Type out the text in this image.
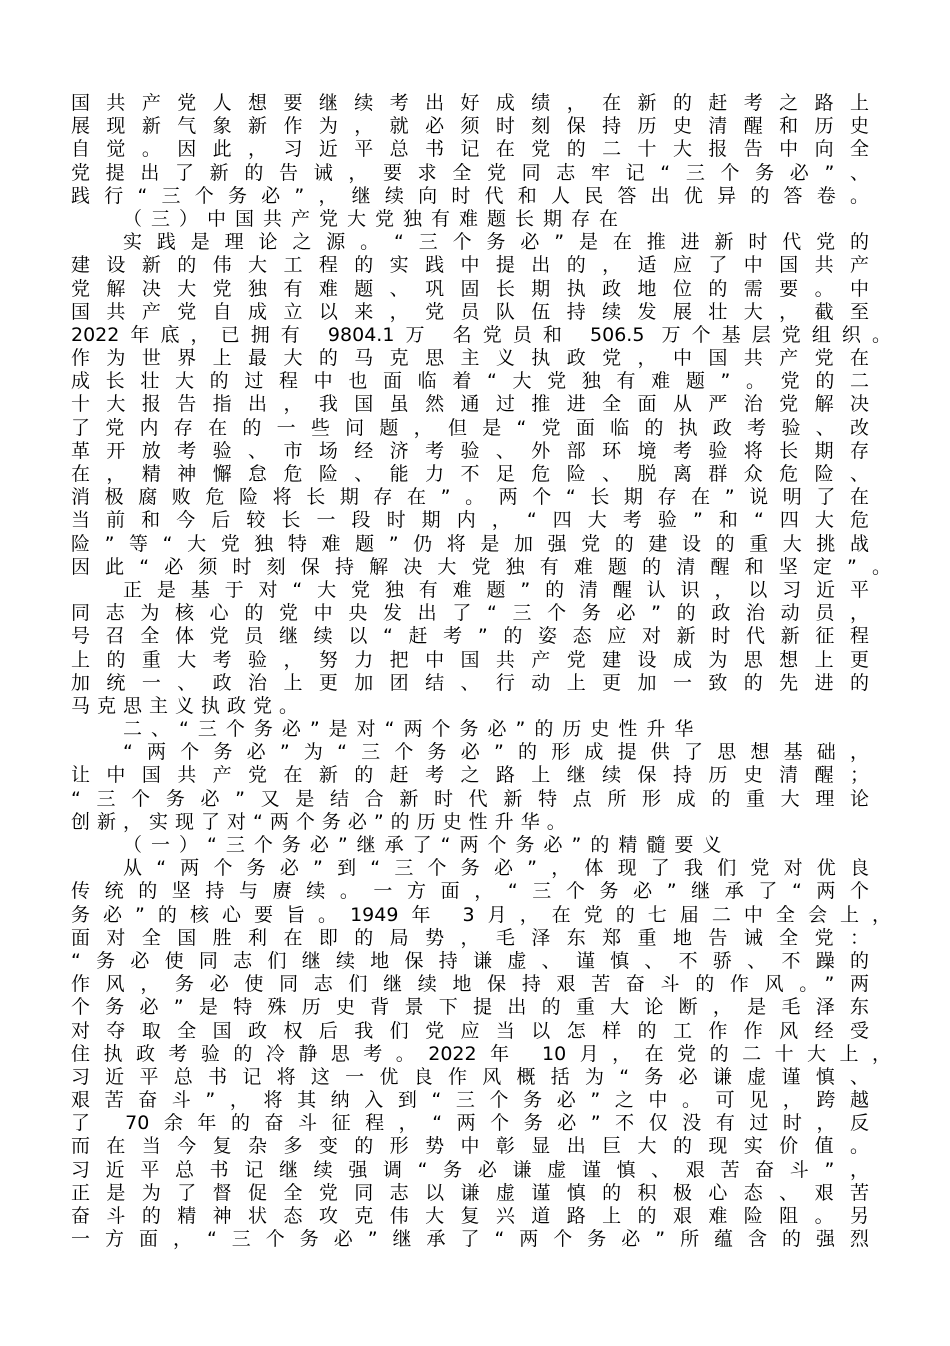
国共产党人想要继续考出好成绩，在新的赶考之路上
展现新气象新作为，就必须时刻保持历史清醒和历史
自觉。因此，习近平总书记在党的二十大报告中向全
党提出了新的告诫，要求全党同志牢记“三个务必”、
践行“三个务必”，继续向时代和人民答出优异的答卷。
（三）中国共产党大党独有难题长期存在
实践是理论之源。“三个务必”是在推进新时代党的
建设新的伟大工程的实践中提出的，适应了中国共产
党解决大党独有难题、巩固长期执政地位的需要。中
国共产党自成立以来，党员队伍持续发展壮大，截至
2022年底，已拥有 9804.1万 名党员和 506.5 万个基层党组织。
作为世界上最大的马克思主义执政党，中国共产党在
成长壮大的过程中也面临着“大党独有难题”。党的二
十大报告指出，我国虽然通过推进全面从严治党解决
了党内存在的一些问题，但是“党面临的执政考验、改
革开放考验、市场经济考验、外部环境考验将长期存
在，精神懈怠危险、能力不足危险、脱离群众危险、
消极腐败危险将长期存在”。两个“长期存在”说明了在
当前和今后较长一段时期内，“四大考验”和“四大危
险”等“大党独特难题”仍将是加强党的建设的重大挑战
因此“必须时刻保持解决大党独有难题的清醒和坚定”。
正是基于对“大党独有难题”的清醒认识，以习近平
同志为核心的党中央发出了“三个务必”的政治动员，
号召全体党员继续以“赶考”的姿态应对新时代新征程
上的重大考验，努力把中国共产党建设成为思想上更
加统一、政治上更加团结、行动上更加一致的先进的
马克思主义执政党。
二、“三个务必”是对“两个务必”的历史性升华
“两个务必”为“三个务必”的形成提供了思想基础，
让中国共产党在新的赶考之路上继续保持历史清醒；
“三个务必”又是结合新时代新特点所形成的重大理论
创新，实现了对“两个务必”的历史性升华。
（一）“三个务必”继承了“两个务必”的精髓要义
从“两个务必”到“三个务必”，体现了我们党对优良
传统的坚持与赓续。一方面，“三个务必”继承了“两个
务必”的核心要旨。1949年 3月，在党的七届二中全会上，
面对全国胜利在即的局势，毛泽东郑重地告诫全党：
“务必使同志们继续地保持谦虚、谨慎、不骄、不躁的
作风，务必使同志们继续地保持艰苦奋斗的作风。”两
个务必”是特殊历史背景下提出的重大论断，是毛泽东
对夺取全国政权后我们党应当以怎样的工作作风经受
住执政考验的冷静思考。2022年 10月，在党的二十大上，
习近平总书记将这一优良作风概括为“务必谦虚谨慎、
艰苦奋斗”，将其纳入到“三个务必”之中。可见，跨越
了 70余年的奋斗征程，“两个务必”不仅没有过时，反
而在当今复杂多变的形势中彰显出巨大的现实价值。
习近平总书记继续强调“务必谦虚谨慎、艰苦奋斗”，
正是为了督促全党同志以谦虚谨慎的积极心态、艰苦
奋斗的精神状态攻克伟大复兴道路上的艰难险阻。另
一方面，“三个务必”继承了“两个务必”所蕴含的强烈
